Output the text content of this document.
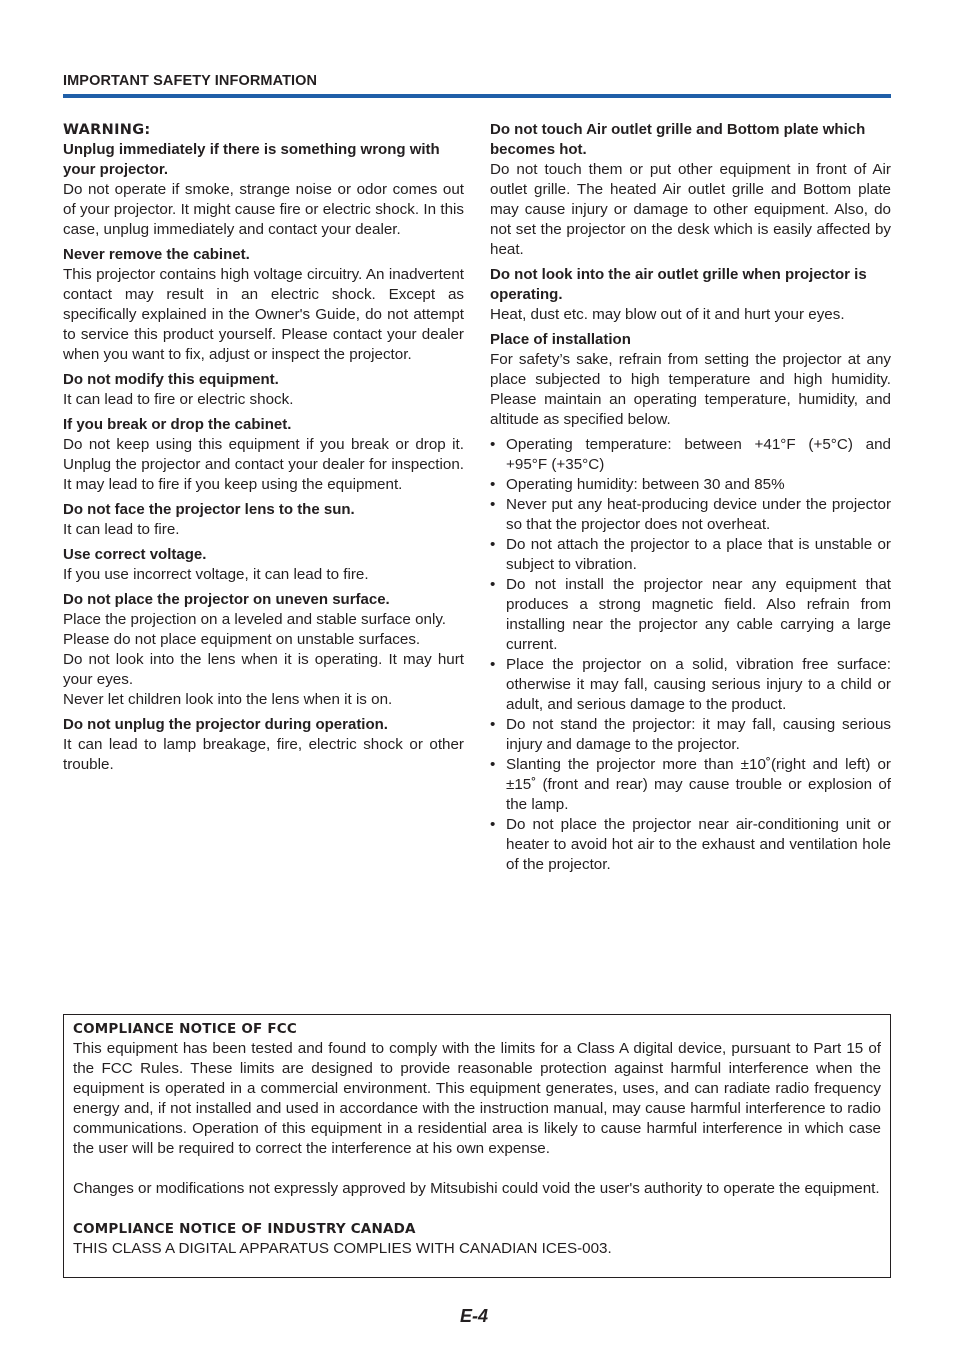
IMPORTANT SAFETY INFORMATION
WARNING:
Unplug immediately if there is something wrong with your projector.

Do not operate if smoke, strange noise or odor comes out of your projector. It might cause fire or electric shock. In this case, unplug immediately and contact your dealer.

Never remove the cabinet.

This projector contains high voltage circuitry. An inadvertent contact may result in an electric shock. Except as specifically explained in the Owner's Guide, do not attempt to service this product yourself. Please contact your dealer when you want to fix, adjust or inspect the projector.

Do not modify this equipment.

It can lead to fire or electric shock.

If you break or drop the cabinet.

Do not keep using this equipment if you break or drop it. Unplug the projector and contact your dealer for inspection. It may lead to fire if you keep using the equipment.

Do not face the projector lens to the sun.

It can lead to fire.

Use correct voltage.

If you use incorrect voltage, it can lead to fire.

Do not place the projector on uneven surface.

Place the projection on a leveled and stable surface only.

Please do not place equipment on unstable surfaces.

Do not look into the lens when it is operating. It may hurt your eyes.

Never let children look into the lens when it is on.

Do not unplug the projector during operation.

It can lead to lamp breakage, fire, electric shock or other trouble.

Do not touch Air outlet grille and Bottom plate which becomes hot.

Do not touch them or put other equipment in front of Air outlet grille. The heated Air outlet grille and Bottom plate may cause injury or damage to other equipment. Also, do not set the projector on the desk which is easily affected by heat.

Do not look into the air outlet grille when projector is operating.

Heat, dust etc. may blow out of it and hurt your eyes.

Place of installation

For safety’s sake, refrain from setting the projector at any place subjected to high temperature and high humidity. Please maintain an operating temperature, humidity, and altitude as specified below.

• Operating temperature: between +41°F (+5°C) and +95°F (+35°C)
• Operating humidity: between 30 and 85%
• Never put any heat-producing device under the projector so that the projector does not overheat.
• Do not attach the projector to a place that is unstable or subject to vibration.
• Do not install the projector near any equipment that produces a strong magnetic field. Also refrain from installing near the projector any cable carrying a large current.
• Place the projector on a solid, vibration free surface: otherwise it may fall, causing serious injury to a child or adult, and serious damage to the product.
• Do not stand the projector: it may fall, causing serious injury and damage to the projector.
• Slanting the projector more than ±10˚(right and left) or ±15˚ (front and rear) may cause trouble or explosion of the lamp.
• Do not place the projector near air-conditioning unit or heater to avoid hot air to the exhaust and ventilation hole of the projector.
COMPLIANCE NOTICE OF FCC

This equipment has been tested and found to comply with the limits for a Class A digital device, pursuant to Part 15 of the FCC Rules. These limits are designed to provide reasonable protection against harmful interference when the equipment is operated in a commercial environment. This equipment generates, uses, and can radiate radio frequency energy and, if not installed and used in accordance with the instruction manual, may cause harmful interference to radio communications. Operation of this equipment in a residential area is likely to cause harmful interference in which case the user will be required to correct the interference at his own expense.

Changes or modifications not expressly approved by Mitsubishi could void the user's authority to operate the equipment.

COMPLIANCE NOTICE OF INDUSTRY CANADA

THIS CLASS A DIGITAL APPARATUS COMPLIES WITH CANADIAN ICES-003.

E-4
